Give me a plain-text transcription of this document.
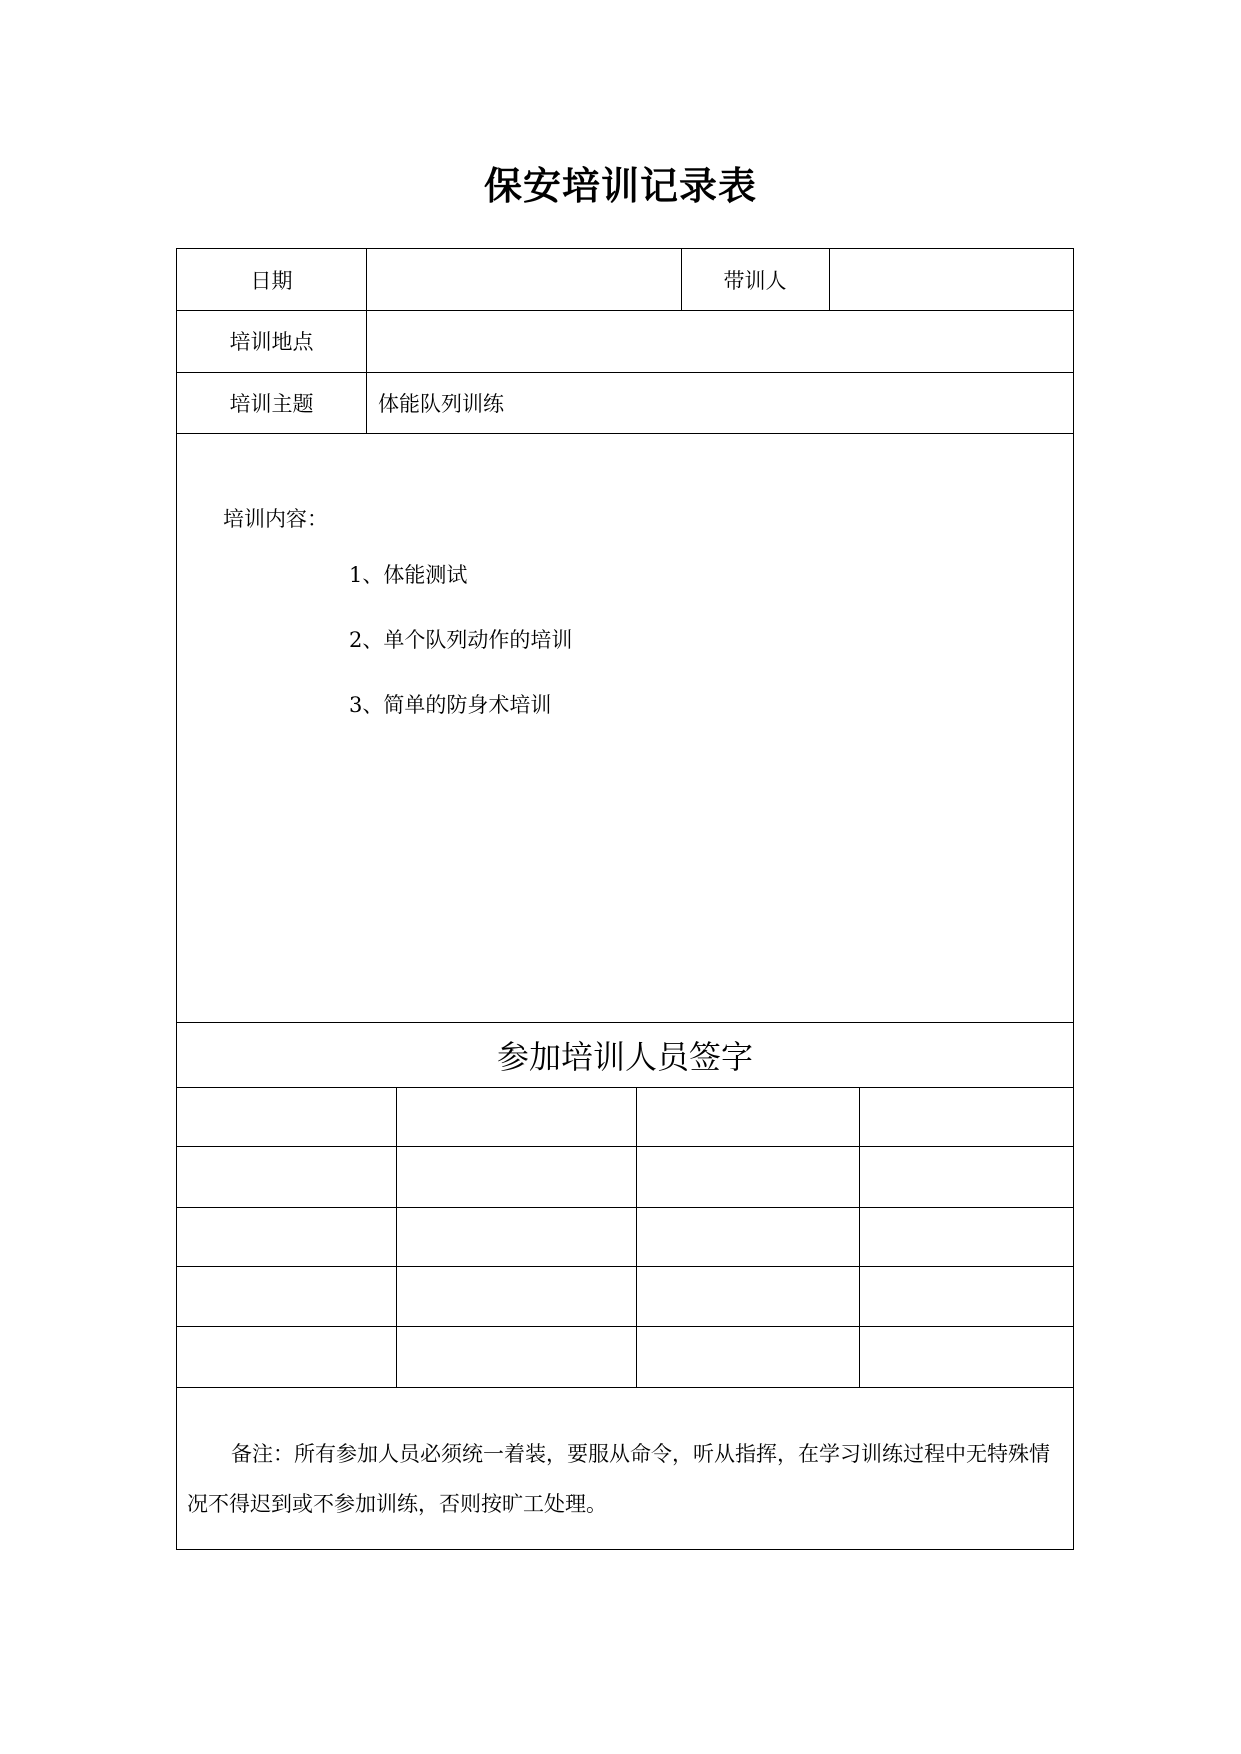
保安培训记录表
日期	带训人
培训地点
培训主题	体能队列训练
培训内容：
1、体能测试
2、单个队列动作的培训
3、简单的防身术培训
参加培训人员签字
备注：所有参加人员必须统一着装，要服从命令，听从指挥，在学习训练过程中无特殊情况不得迟到或不参加训练，否则按旷工处理。
